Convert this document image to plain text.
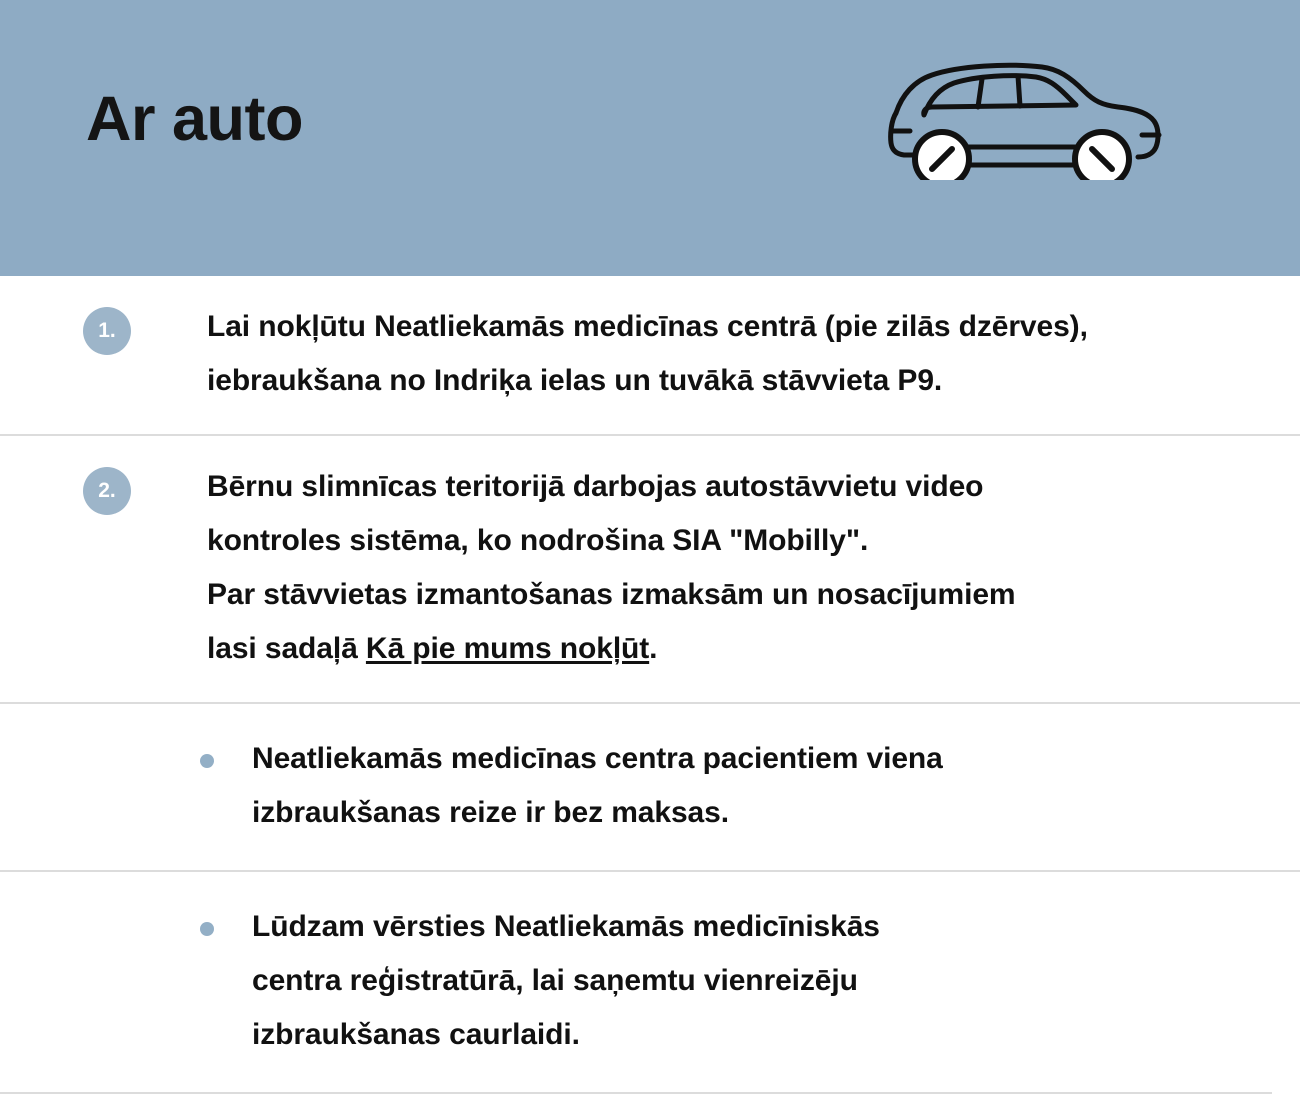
Ar auto
1.	Lai nokļūtu Neatliekamās medicīnas centrā (pie zilās dzērves),
iebraukšana no Indriķa ielas un tuvākā stāvvieta P9.
2.	Bērnu slimnīcas teritorijā darbojas autostāvvietu video
kontroles sistēma, ko nodrošina SIA "Mobilly".
Par stāvvietas izmantošanas izmaksām un nosacījumiem
lasi sadaļā Kā pie mums nokļūt.
Neatliekamās medicīnas centra pacientiem viena
izbraukšanas reize ir bez maksas.
Lūdzam vērsties Neatliekamās medicīniskās
centra reģistratūrā, lai saņemtu vienreizēju
izbraukšanas caurlaidi.
